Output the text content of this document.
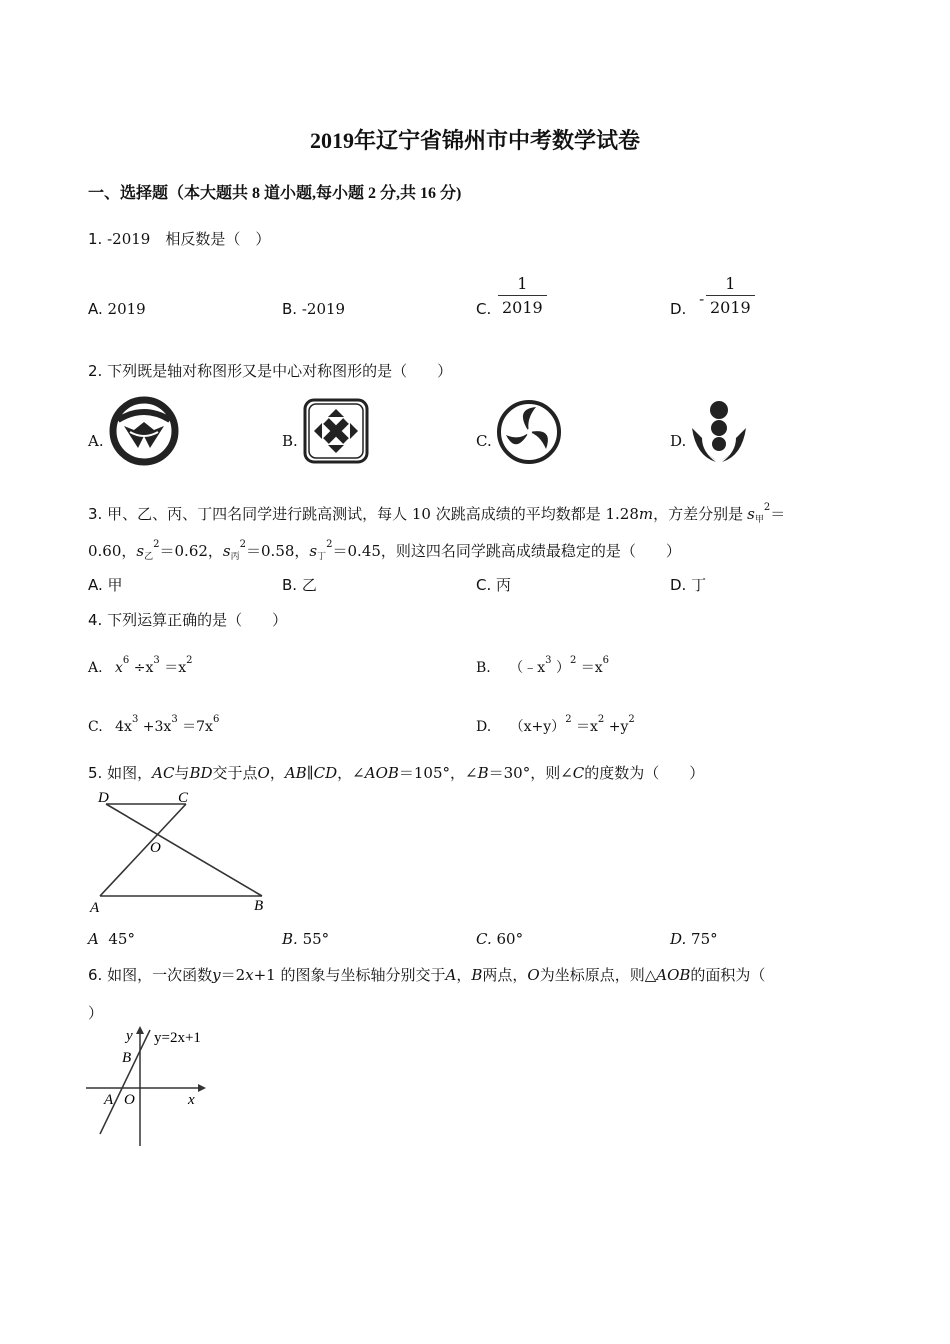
2019年辽宁省锦州市中考数学试卷
一、选择题（本大题共 8 道小题,每小题 2 分,共 16 分)
1. -2019　相反数是（　）
A. 2019	B. -2019	C.
1
2019	D. -
1
2019
2. 下列既是轴对称图形又是中心对称图形的是（　　）
A.	B.	C.	D.
3. 甲、乙、丙、丁四名同学进行跳高测试，每人 10 次跳高成绩的平均数都是 1.28m，方差分别是 $s_甲^2=$
0.60，$s_乙^2=0.62$，$s_丙^2=0.58$，$s_丁^2=0.45$，则这四名同学跳高成绩最稳定的是（　　）
A. 甲	B. 乙	C. 丙	D. 丁
4. 下列运算正确的是（　　）
A. $x^6 \div x^3 =x^2$	B. （$﹣x^3$ ）$^2 =x^6$
C. $4x^3 +3x^3 =7x^6$	D. $(x+y)^2 =x^2 +y^2$
5. 如图，AC与BD交于点O，AB∥CD，∠AOB＝105°，∠B＝30°，则∠C的度数为（　　）
D	C
O
A	B
A 45°	B. 55°	C. 60°	D. 75°
6. 如图，一次函数y＝2x+1 的图象与坐标轴分别交于A，B两点，O为坐标原点，则△AOB的面积为（
）
y y=2x+1
B
A O	x
